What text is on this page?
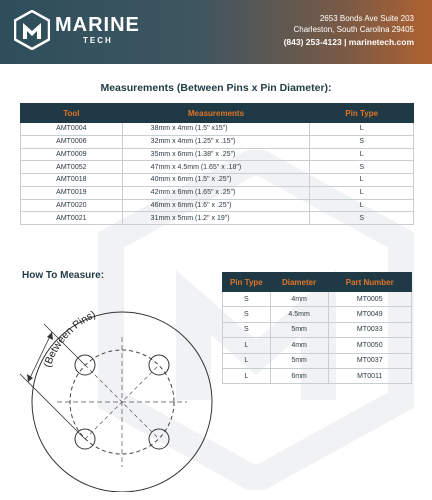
MARINE
TECH
2653 Bonds Ave Suite 203
Charleston, South Carolina 29405
(843) 253-4123 | marinetech.com
Measurements (Between Pins x Pin Diameter):
Tool	Measurements	Pin Type
AMT0004	38mm x 4mm (1.5" x15")	L
AMT0006	32mm x 4mm (1.25" x .15")	S
AMT0009	35mm x 6mm (1.38" x .25")	L
AMT0052	47mm x 4.5mm (1.65" x .18")	S
AMT0018	40mm x 6mm (1.5" x .25")	L
AMT0019	42mm x 6mm (1.65" x .25")	L
AMT0020	46mm x 6mm (1.6" x .25")	L
AMT0021	31mm x 5mm (1.2" x 19")	S
How To Measure:
(Between Pins)
Pin Type	Diameter	Part Number
S	4mm	MT0005
S	4.5mm	MT0049
S	5mm	MT0033
L	4mm	MT0050
L	5mm	MT0037
L	6mm	MT0011
